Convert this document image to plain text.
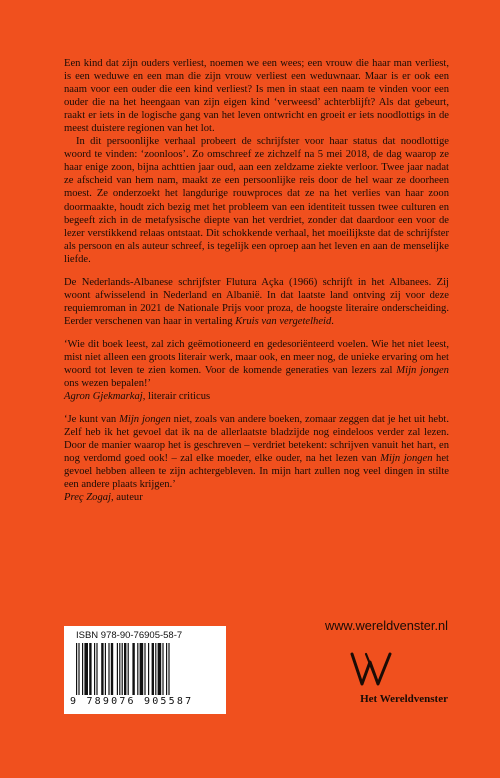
Een kind dat zijn ouders verliest, noemen we een wees; een vrouw die haar man verliest, is een weduwe en een man die zijn vrouw verliest een weduwnaar. Maar is er ook een naam voor een ouder die een kind verliest? Is men in staat een naam te vinden voor een ouder die na het heengaan van zijn eigen kind ‘verweesd’ achterblijft? Als dat gebeurt, raakt er iets in de logische gang van het leven ontwricht en groeit er iets noodlottigs in de meest duistere regionen van het lot.

In dit persoonlijke verhaal probeert de schrijfster voor haar status dat noodlottige woord te vinden: ‘zoonloos’. Zo omschreef ze zichzelf na 5 mei 2018, de dag waarop ze haar enige zoon, bijna achttien jaar oud, aan een zeldzame ziekte verloor. Twee jaar nadat ze afscheid van hem nam, maakt ze een persoonlijke reis door de hel waar ze doorheen moest. Ze onderzoekt het langdurige rouwproces dat ze na het verlies van haar zoon doormaakte, houdt zich bezig met het probleem van een identiteit tussen twee culturen en begeeft zich in de metafysische diepte van het verdriet, zonder dat daardoor een voor de lezer verstikkend relaas ontstaat. Dit schokkende verhaal, het moeilijkste dat de schrijfster als persoon en als auteur schreef, is tegelijk een oproep aan het leven en aan de menselijke liefde.

De Nederlands-Albanese schrijfster Flutura Açka (1966) schrijft in het Albanees. Zij woont afwisselend in Nederland en Albanië. In dat laatste land ontving zij voor deze requiemroman in 2021 de Nationale Prijs voor proza, de hoogste literaire onderscheiding. Eerder verschenen van haar in vertaling Kruis van vergetelheid.

‘Wie dit boek leest, zal zich geëmotioneerd en gedesoriënteerd voelen. Wie het niet leest, mist niet alleen een groots literair werk, maar ook, en meer nog, de unieke ervaring om het woord tot leven te zien komen. Voor de komende generaties van lezers zal Mijn jongen ons wezen bepalen!’
Agron Gjekmarkaj, literair criticus

‘Je kunt van Mijn jongen niet, zoals van andere boeken, zomaar zeggen dat je het uit hebt. Zelf heb ik het gevoel dat ik na de allerlaatste bladzijde nog eindeloos verder zal lezen. Door de manier waarop het is geschreven – verdriet betekent: schrijven vanuit het hart, en nog verdomd goed ook! – zal elke moeder, elke ouder, na het lezen van Mijn jongen het gevoel hebben alleen te zijn achtergebleven. In mijn hart zullen nog veel dingen in stilte een andere plaats krijgen.’
Preç Zogaj, auteur

ISBN 978-90-76905-58-7
9 789076 905587
www.wereldvenster.nl
Het Wereldvenster
